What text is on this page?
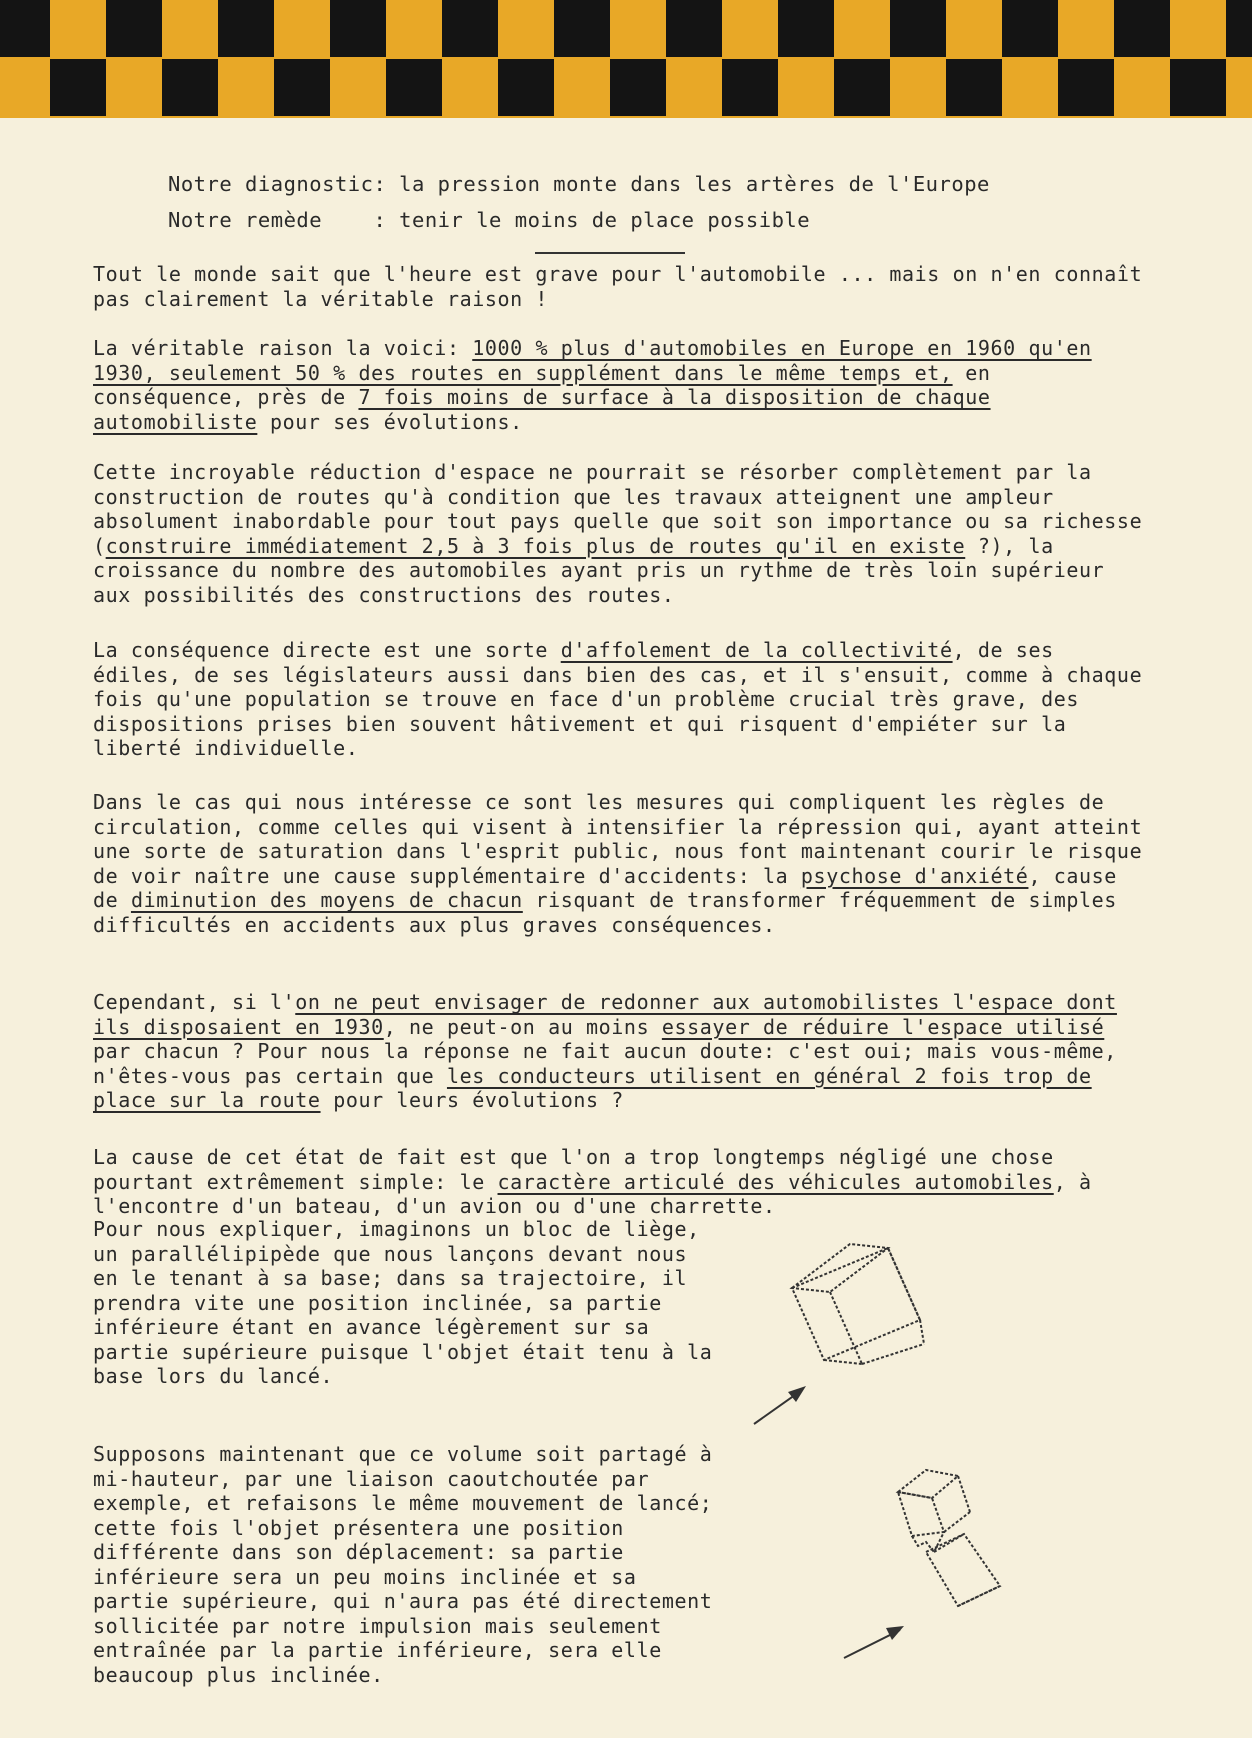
Notre diagnostic: la pression monte dans les artères de l'Europe
Notre remède    : tenir le moins de place possible
Tout le monde sait que l'heure est grave pour l'automobile ... mais on n'en connaît pas clairement la véritable raison !
La véritable raison la voici: 1000 % plus d'automobiles en Europe en 1960 qu'en 1930, seulement 50 % des routes en supplément dans le même temps et, en conséquence, près de 7 fois moins de surface à la disposition de chaque automobiliste pour ses évolutions.
Cette incroyable réduction d'espace ne pourrait se résorber complètement par la construction de routes qu'à condition que les travaux atteignent une ampleur absolument inabordable pour tout pays quelle que soit son importance ou sa richesse (construire immédiatement 2,5 à 3 fois plus de routes qu'il en existe ?), la croissance du nombre des automobiles ayant pris un rythme de très loin supérieur aux possibilités des constructions des routes.
La conséquence directe est une sorte d'affolement de la collectivité, de ses édiles, de ses législateurs aussi dans bien des cas, et il s'ensuit, comme à chaque fois qu'une population se trouve en face d'un problème crucial très grave, des dispositions prises bien souvent hâtivement et qui risquent d'empiéter sur la liberté individuelle.
Dans le cas qui nous intéresse ce sont les mesures qui compliquent les règles de circulation, comme celles qui visent à intensifier la répression qui, ayant atteint une sorte de saturation dans l'esprit public, nous font maintenant courir le risque de voir naître une cause supplémentaire d'accidents: la psychose d'anxiété, cause de diminution des moyens de chacun risquant de transformer fréquemment de simples difficultés en accidents aux plus graves conséquences.
Cependant, si l'on ne peut envisager de redonner aux automobilistes l'espace dont ils disposaient en 1930, ne peut-on au moins essayer de réduire l'espace utilisé par chacun ? Pour nous la réponse ne fait aucun doute: c'est oui; mais vous-même, n'êtes-vous pas certain que les conducteurs utilisent en général 2 fois trop de place sur la route pour leurs évolutions ?
La cause de cet état de fait est que l'on a trop longtemps négligé une chose pourtant extrêmement simple: le caractère articulé des véhicules automobiles, à l'encontre d'un bateau, d'un avion ou d'une charrette.
Pour nous expliquer, imaginons un bloc de liège, un parallélipipède que nous lançons devant nous en le tenant à sa base; dans sa trajectoire, il prendra vite une position inclinée, sa partie inférieure étant en avance légèrement sur sa partie supérieure puisque l'objet était tenu à la base lors du lancé.
Supposons maintenant que ce volume soit partagé à mi-hauteur, par une liaison caoutchoutée par exemple, et refaisons le même mouvement de lancé; cette fois l'objet présentera une position différente dans son déplacement: sa partie inférieure sera un peu moins inclinée et sa partie supérieure, qui n'aura pas été directement sollicitée par notre impulsion mais seulement entraînée par la partie inférieure, sera elle beaucoup plus inclinée.
